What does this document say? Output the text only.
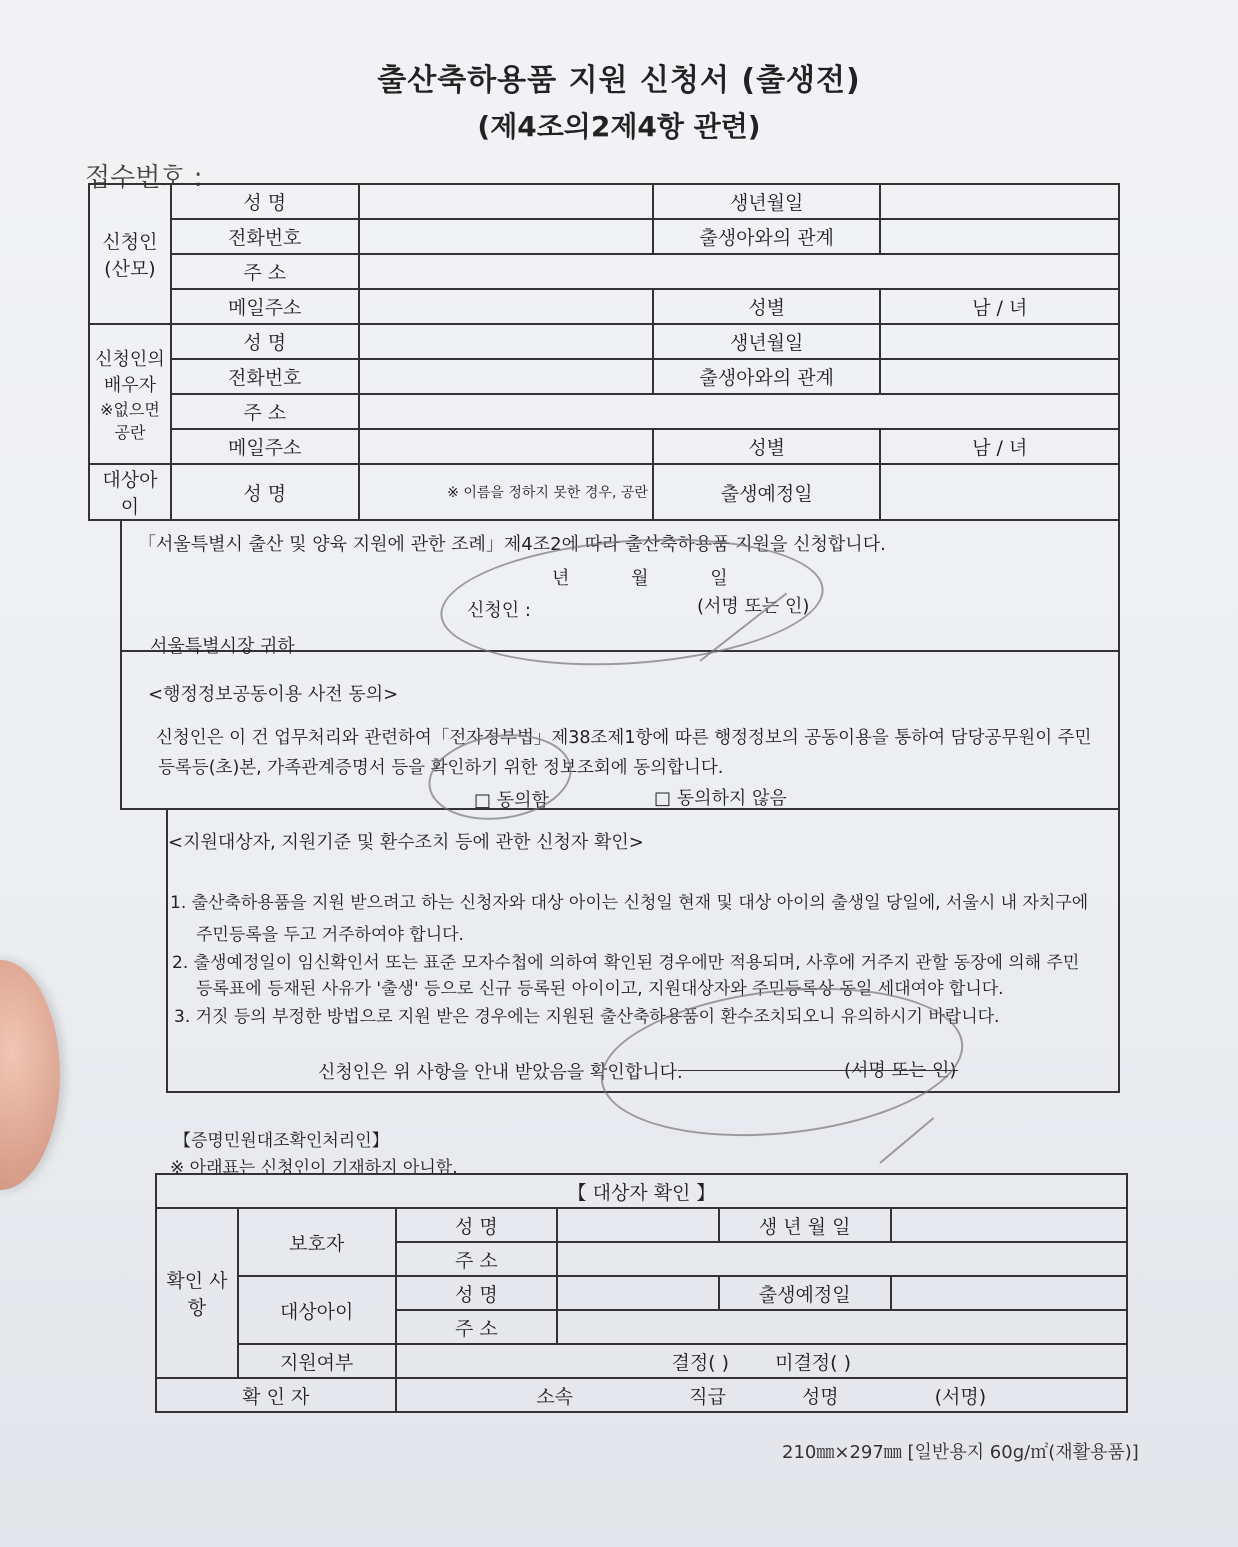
출산축하용품 지원 신청서 (출생전)
(제4조의2제4항 관련)
접수번호 :
신청인
(산모)	성 명		생년월일	
	전화번호		출생아와의 관계	
	주 소			
	메일주소		성별	남 / 녀

신청인의 배우자
※없으면 공란	성 명		생년월일	
	전화번호		출생아와의 관계	
	주 소			
	메일주소		성별	남 / 녀
대상아이	성 명	※ 이름을 정하지 못한 경우, 공란	출생예정일	
「서울특별시 출산 및 양육 지원에 관한 조례」제4조2에 따라 출산축하용품 지원을 신청합니다.
년 월 일
신청인 :	(서명 또는 인)
서울특별시장 귀하
<행정정보공동이용 사전 동의>
신청인은 이 건 업무처리와 관련하여「전자정부법」제38조제1항에 따른 행정정보의 공동이용을 통하여 담당공무원이 주민
등록등(초)본, 가족관계증명서 등을 확인하기 위한 정보조회에 동의합니다.
□ 동의함	□ 동의하지 않음
<지원대상자, 지원기준 및 환수조치 등에 관한 신청자 확인>
1. 출산축하용품을 지원 받으려고 하는 신청자와 대상 아이는 신청일 현재 및 대상 아이의 출생일 당일에, 서울시 내 자치구에
주민등록을 두고 거주하여야 합니다.
2. 출생예정일이 임신확인서 또는 표준 모자수첩에 의하여 확인된 경우에만 적용되며, 사후에 거주지 관할 동장에 의해 주민
등록표에 등재된 사유가 '출생' 등으로 신규 등록된 아이이고, 지원대상자와 주민등록상 동일 세대여야 합니다.
3. 거짓 등의 부정한 방법으로 지원 받은 경우에는 지원된 출산축하용품이 환수조치되오니 유의하시기 바랍니다.
신청인은 위 사항을 안내 받았음을 확인합니다.	(서명 또는 인)
【증명민원대조확인처리인】
※ 아래표는 신청인이 기재하지 아니함.
【 대상자 확인 】					
확인 사항	보호자	성 명		생 년 월 일	
		주 소			
	대상아이	성 명		출생예정일	
		주 소			
	지원여부	결정( ) 미결정( )			
확 인 자		소속 직급 성명 (서명)			
210㎜×297㎜ [일반용지 60g/㎡(재활용품)]
